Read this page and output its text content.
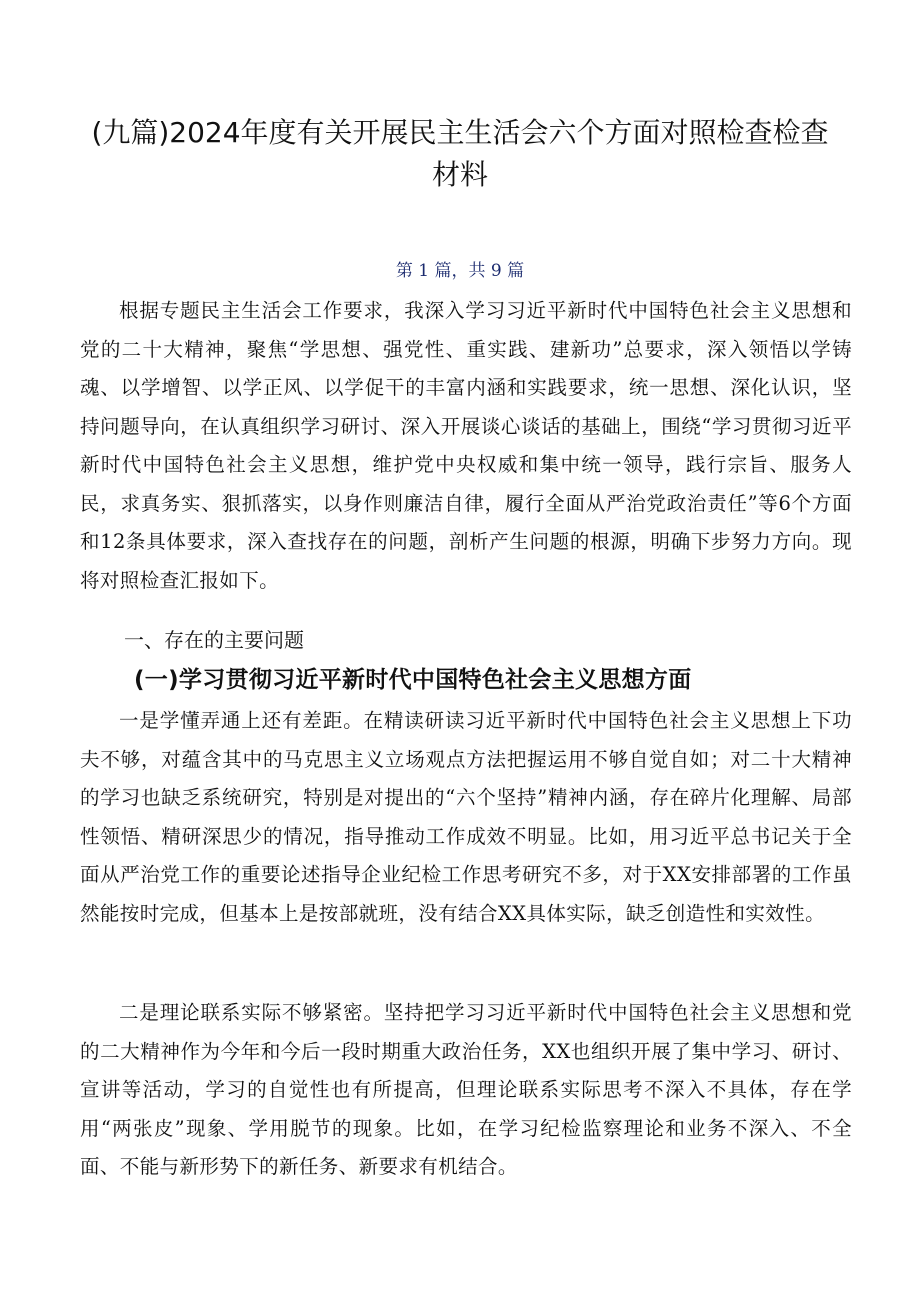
(九篇)2024年度有关开展民主生活会六个方面对照检查检查材料
第 1 篇，共 9 篇

根据专题民主生活会工作要求，我深入学习习近平新时代中国特色社会主义思想和党的二十大精神，聚焦“学思想、强党性、重实践、建新功”总要求，深入领悟以学铸魂、以学增智、以学正风、以学促干的丰富内涵和实践要求，统一思想、深化认识，坚持问题导向，在认真组织学习研讨、深入开展谈心谈话的基础上，围绕“学习贯彻习近平新时代中国特色社会主义思想，维护党中央权威和集中统一领导，践行宗旨、服务人民，求真务实、狠抓落实，以身作则廉洁自律，履行全面从严治党政治责任”等6个方面和12条具体要求，深入查找存在的问题，剖析产生问题的根源，明确下步努力方向。现将对照检查汇报如下。

一、存在的主要问题
(一)学习贯彻习近平新时代中国特色社会主义思想方面

一是学懂弄通上还有差距。在精读研读习近平新时代中国特色社会主义思想上下功夫不够，对蕴含其中的马克思主义立场观点方法把握运用不够自觉自如；对二十大精神的学习也缺乏系统研究，特别是对提出的“六个坚持”精神内涵，存在碎片化理解、局部性领悟、精研深思少的情况，指导推动工作成效不明显。比如，用习近平总书记关于全面从严治党工作的重要论述指导企业纪检工作思考研究不多，对于XX安排部署的工作虽然能按时完成，但基本上是按部就班，没有结合XX具体实际，缺乏创造性和实效性。

二是理论联系实际不够紧密。坚持把学习习近平新时代中国特色社会主义思想和党的二大精神作为今年和今后一段时期重大政治任务，XX也组织开展了集中学习、研讨、宣讲等活动，学习的自觉性也有所提高，但理论联系实际思考不深入不具体，存在学用“两张皮”现象、学用脱节的现象。比如，在学习纪检监察理论和业务不深入、不全面、不能与新形势下的新任务、新要求有机结合。
